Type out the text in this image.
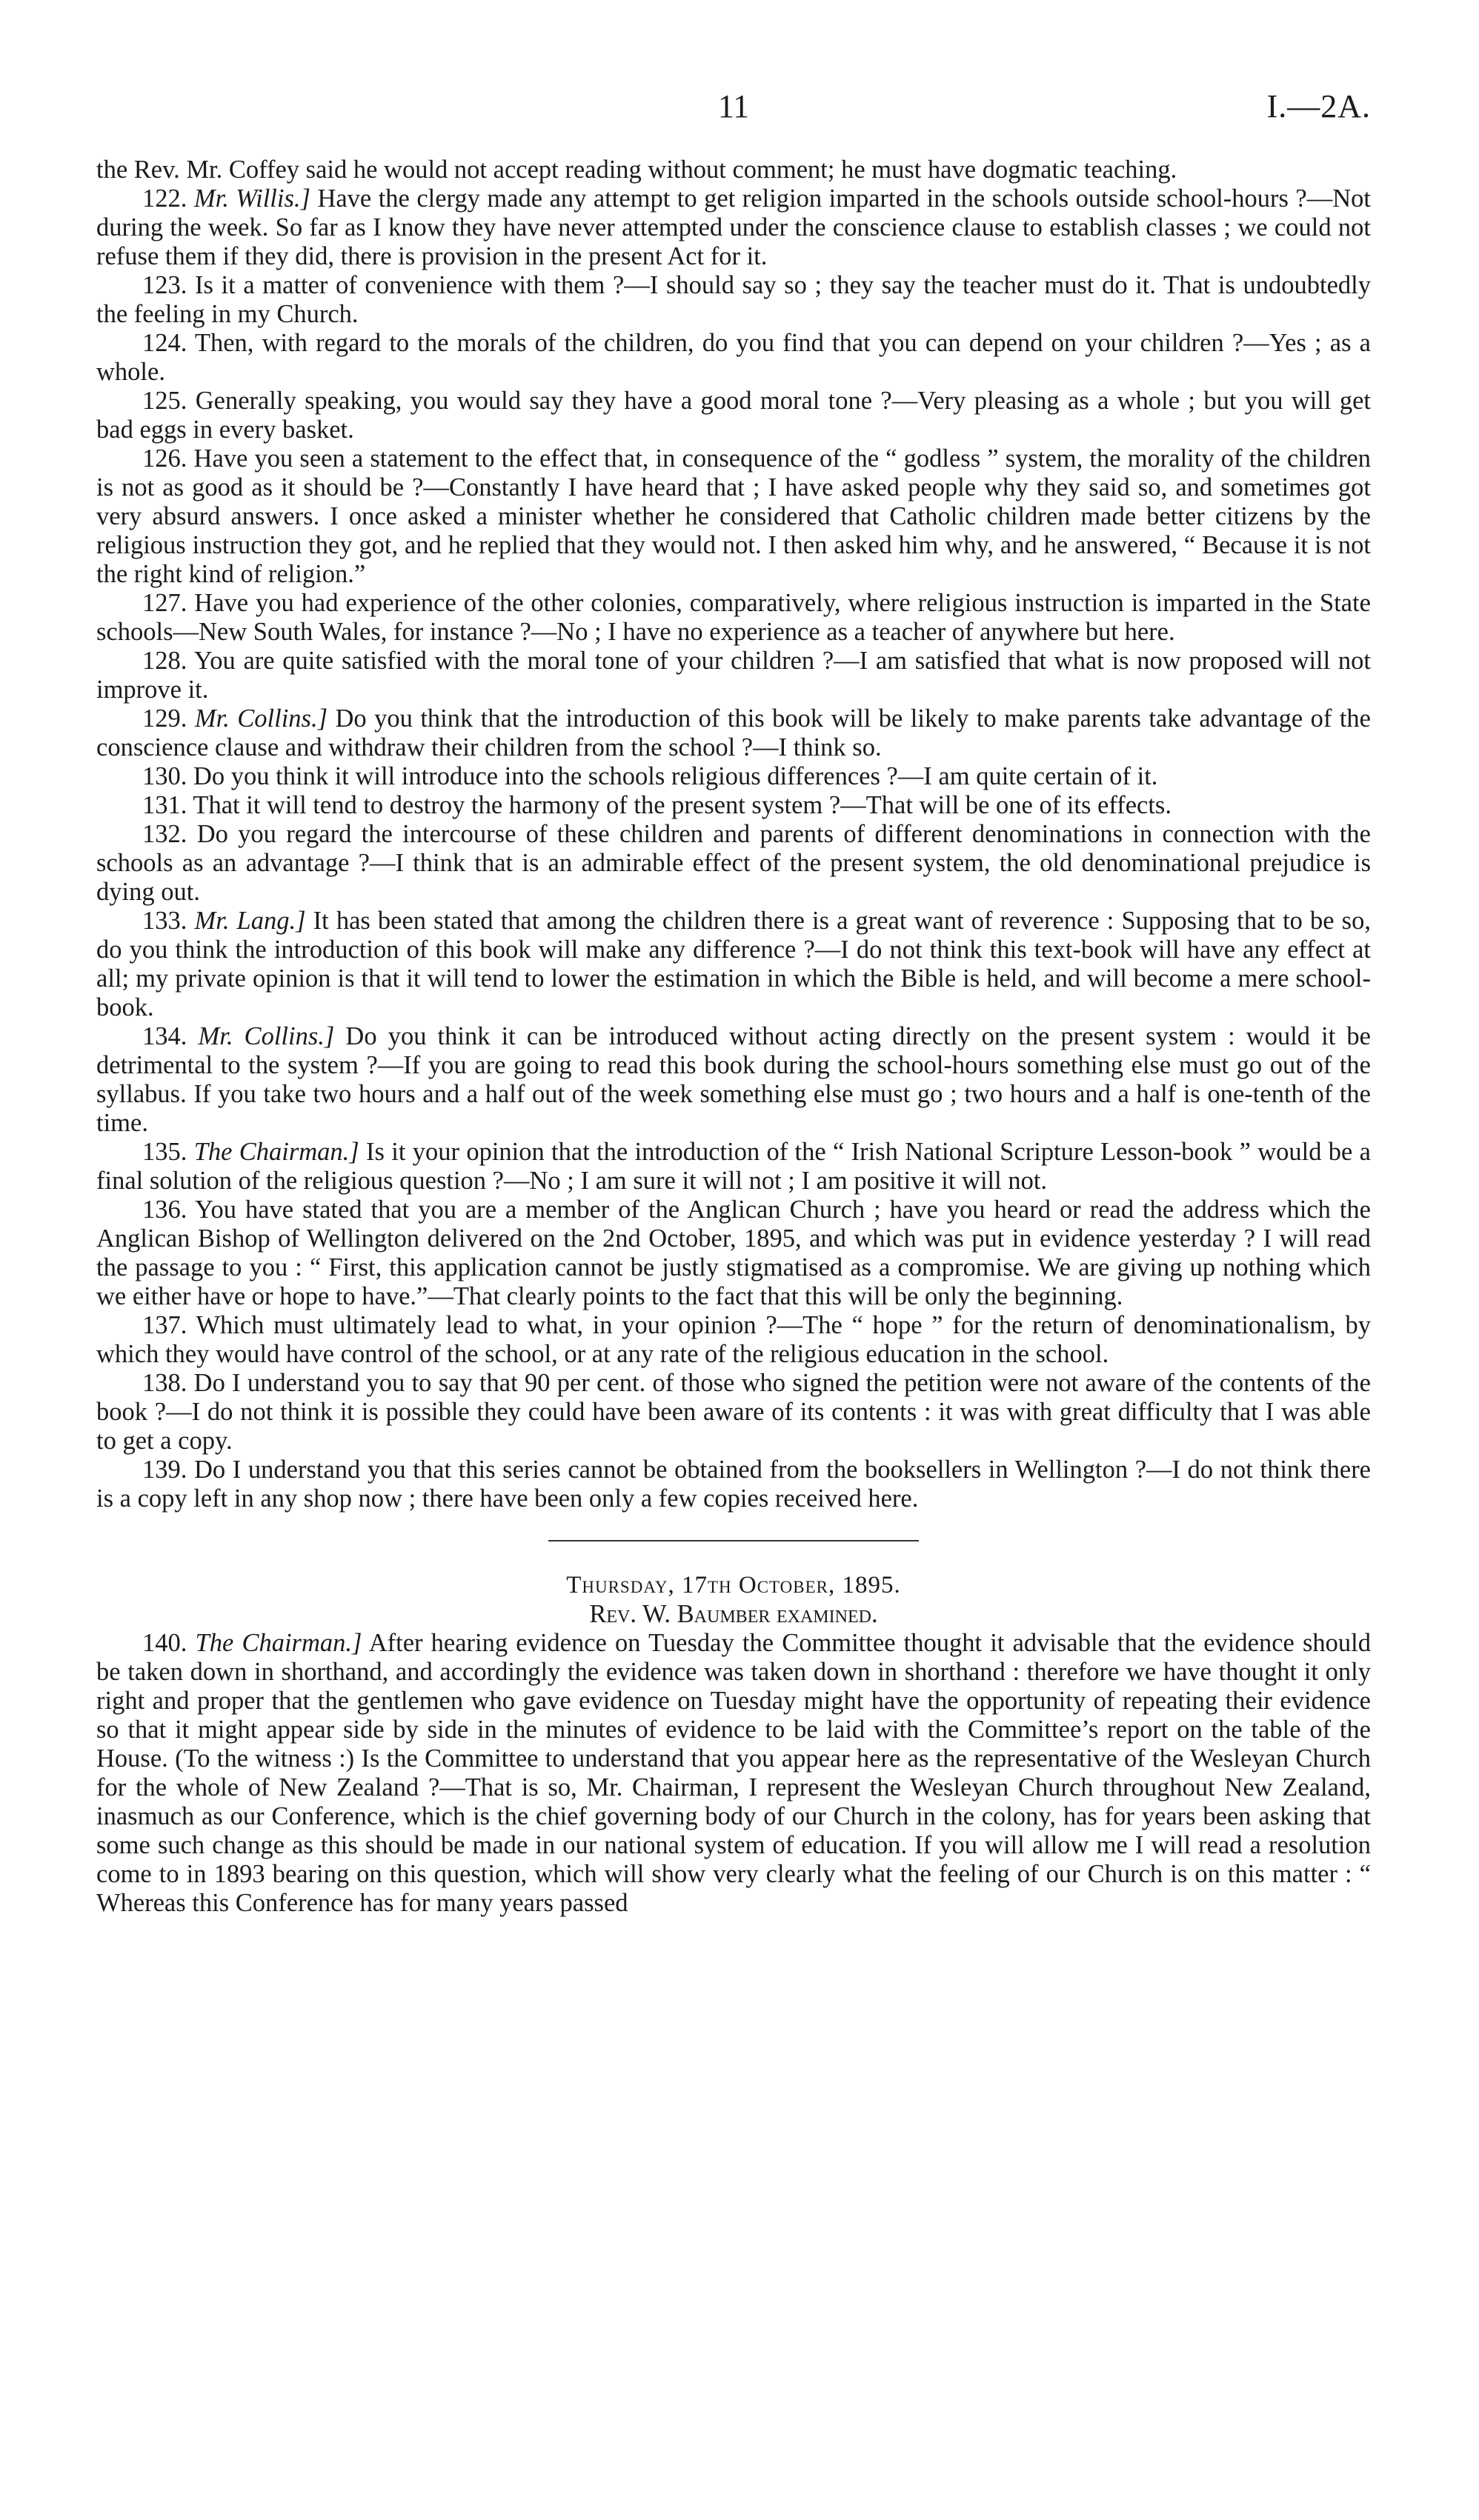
11	I.—2A.

the Rev. Mr. Coffey said he would not accept reading without comment; he must have dogmatic teaching.

122. Mr. Willis.] Have the clergy made any attempt to get religion imparted in the schools outside school-hours ?—Not during the week. So far as I know they have never attempted under the conscience clause to establish classes ; we could not refuse them if they did, there is provision in the present Act for it.

123. Is it a matter of convenience with them ?—I should say so ; they say the teacher must do it. That is undoubtedly the feeling in my Church.

124. Then, with regard to the morals of the children, do you find that you can depend on your children ?—Yes ; as a whole.

125. Generally speaking, you would say they have a good moral tone ?—Very pleasing as a whole ; but you will get bad eggs in every basket.

126. Have you seen a statement to the effect that, in consequence of the “ godless ” system, the morality of the children is not as good as it should be ?—Constantly I have heard that ; I have asked people why they said so, and sometimes got very absurd answers. I once asked a minister whether he considered that Catholic children made better citizens by the religious instruction they got, and he replied that they would not. I then asked him why, and he answered, “ Because it is not the right kind of religion.”

127. Have you had experience of the other colonies, comparatively, where religious instruction is imparted in the State schools—New South Wales, for instance ?—No ; I have no experience as a teacher of anywhere but here.

128. You are quite satisfied with the moral tone of your children ?—I am satisfied that what is now proposed will not improve it.

129. Mr. Collins.] Do you think that the introduction of this book will be likely to make parents take advantage of the conscience clause and withdraw their children from the school ?—I think so.

130. Do you think it will introduce into the schools religious differences ?—I am quite certain of it.

131. That it will tend to destroy the harmony of the present system ?—That will be one of its effects.

132. Do you regard the intercourse of these children and parents of different denominations in connection with the schools as an advantage ?—I think that is an admirable effect of the present system, the old denominational prejudice is dying out.

133. Mr. Lang.] It has been stated that among the children there is a great want of reverence : Supposing that to be so, do you think the introduction of this book will make any difference ?—I do not think this text-book will have any effect at all; my private opinion is that it will tend to lower the estimation in which the Bible is held, and will become a mere school-book.

134. Mr. Collins.] Do you think it can be introduced without acting directly on the present system : would it be detrimental to the system ?—If you are going to read this book during the school-hours something else must go out of the syllabus. If you take two hours and a half out of the week something else must go ; two hours and a half is one-tenth of the time.

135. The Chairman.] Is it your opinion that the introduction of the “ Irish National Scripture Lesson-book ” would be a final solution of the religious question ?—No ; I am sure it will not ; I am positive it will not.

136. You have stated that you are a member of the Anglican Church ; have you heard or read the address which the Anglican Bishop of Wellington delivered on the 2nd October, 1895, and which was put in evidence yesterday ? I will read the passage to you : “ First, this application cannot be justly stigmatised as a compromise. We are giving up nothing which we either have or hope to have.”—That clearly points to the fact that this will be only the beginning.

137. Which must ultimately lead to what, in your opinion ?—The “ hope ” for the return of denominationalism, by which they would have control of the school, or at any rate of the religious education in the school.

138. Do I understand you to say that 90 per cent. of those who signed the petition were not aware of the contents of the book ?—I do not think it is possible they could have been aware of its contents : it was with great difficulty that I was able to get a copy.

139. Do I understand you that this series cannot be obtained from the booksellers in Wellington ?—I do not think there is a copy left in any shop now ; there have been only a few copies received here.

Thursday, 17th October, 1895.

Rev. W. Baumber examined.

140. The Chairman.] After hearing evidence on Tuesday the Committee thought it advisable that the evidence should be taken down in shorthand, and accordingly the evidence was taken down in shorthand : therefore we have thought it only right and proper that the gentlemen who gave evidence on Tuesday might have the opportunity of repeating their evidence so that it might appear side by side in the minutes of evidence to be laid with the Committee’s report on the table of the House. (To the witness :) Is the Committee to understand that you appear here as the representative of the Wesleyan Church for the whole of New Zealand ?—That is so, Mr. Chairman, I represent the Wesleyan Church throughout New Zealand, inasmuch as our Conference, which is the chief governing body of our Church in the colony, has for years been asking that some such change as this should be made in our national system of education. If you will allow me I will read a resolution come to in 1893 bearing on this question, which will show very clearly what the feeling of our Church is on this matter : “ Whereas this Conference has for many years passed
